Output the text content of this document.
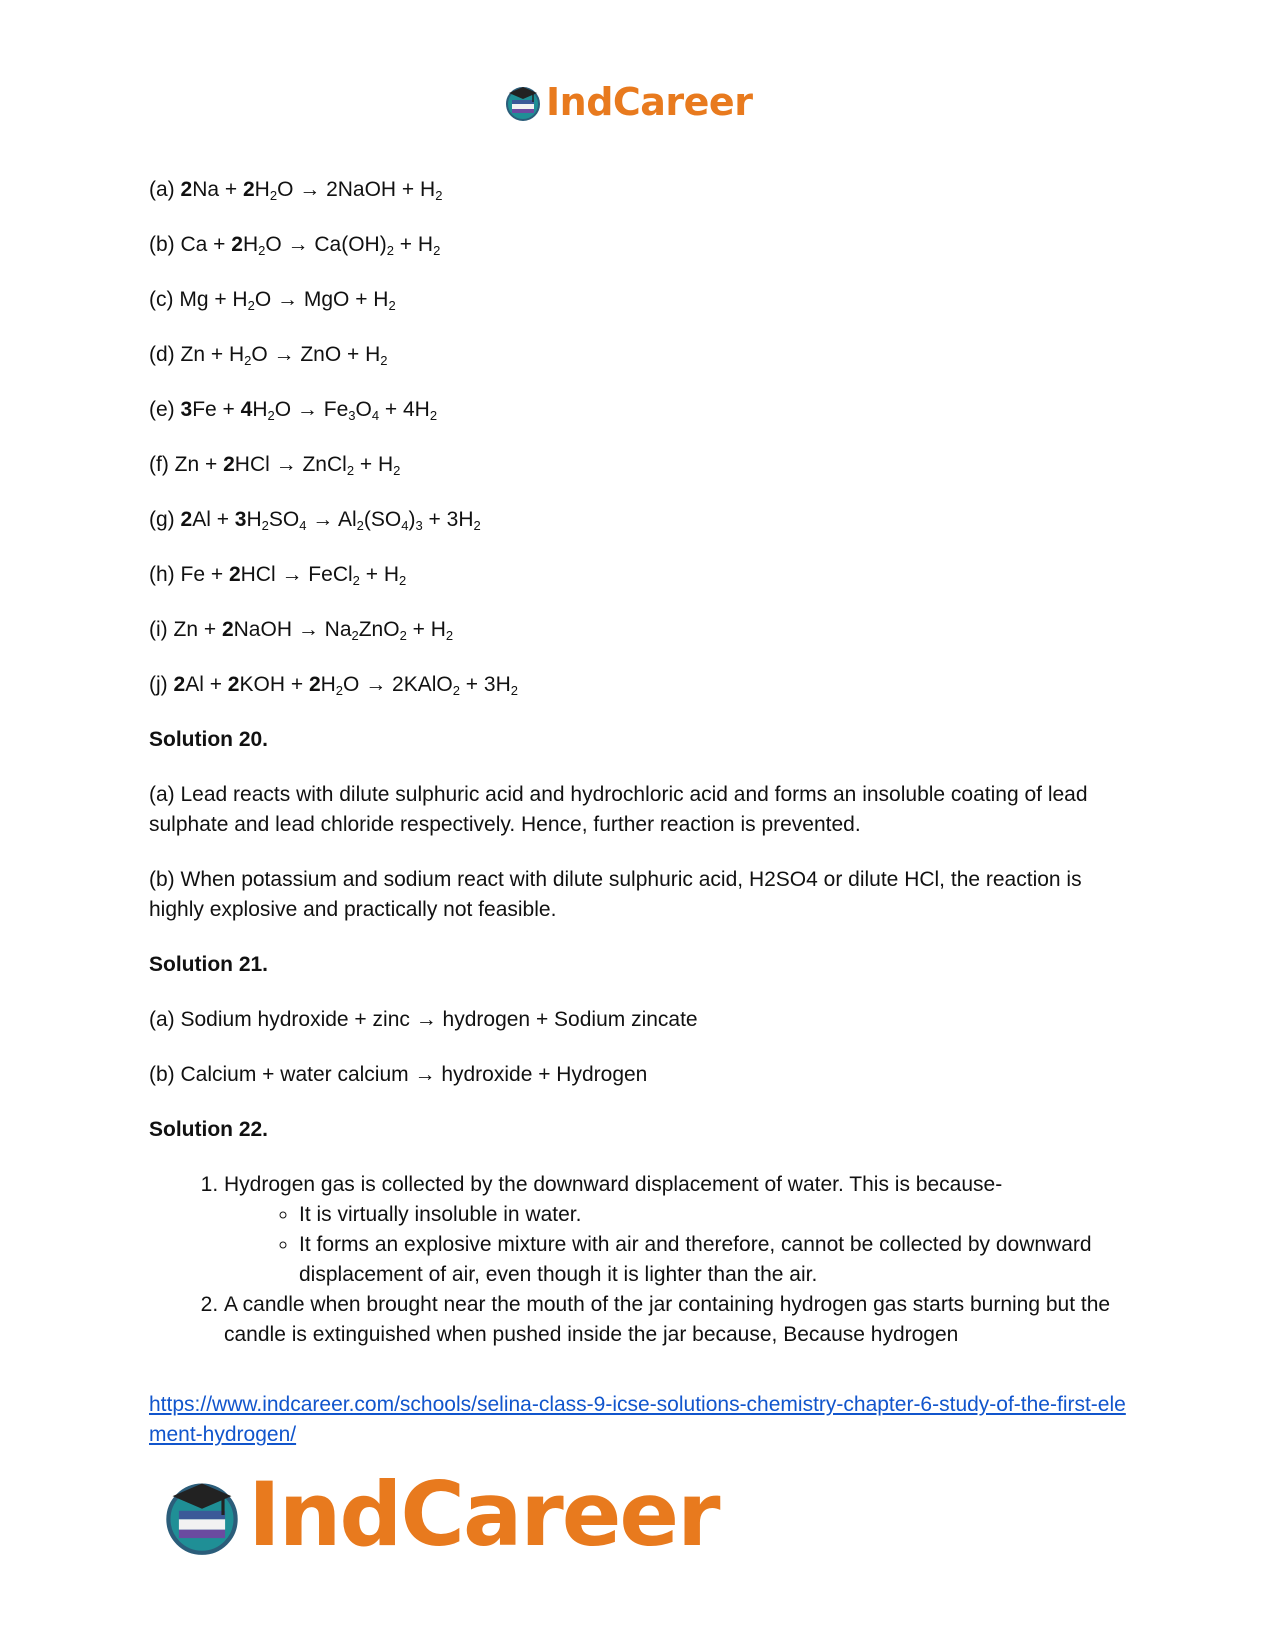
IndCareer
(a) $2Na + 2H_2O$ → 2NaOH + $H_2$
(b) $Ca + 2H_2O \to Ca(OH)_2 + H_2$
(c) $Mg + H_2O$ → MgO + $H_2$
(d) $Zn + H_2O$ → ZnO + $H_2$
(e) $3Fe + 4H_2O \to Fe_3O_4 + 4H_2$
(f) Zn + 2HCl → ZnCl$_2$ + $H_2$
(g) $2Al + 3H_2SO_4 \to Al_2(SO_4)_3 + 3H_2$
(h) Fe + 2HCl → FeCl$_2$ + $H_2$
(i) Zn + 2NaOH → $Na_2ZnO_2 + H_2$
(j) $2Al + 2KOH + 2H_2O$ → 2KAlO$_2$ + $3H_2$
Solution 20.
(a) Lead reacts with dilute sulphuric acid and hydrochloric acid and forms an insoluble coating of lead sulphate and lead chloride respectively. Hence, further reaction is prevented.
(b) When potassium and sodium react with dilute sulphuric acid, H2SO4 or dilute HCl, the reaction is highly explosive and practically not feasible.
Solution 21.
(a) Sodium hydroxide + zinc → hydrogen + Sodium zincate
(b) Calcium + water calcium → hydroxide + Hydrogen
Solution 22.
1. Hydrogen gas is collected by the downward displacement of water. This is because-
◦ It is virtually insoluble in water.
◦ It forms an explosive mixture with air and therefore, cannot be collected by downward displacement of air, even though it is lighter than the air.
2. A candle when brought near the mouth of the jar containing hydrogen gas starts burning but the candle is extinguished when pushed inside the jar because, Because hydrogen
https://www.indcareer.com/schools/selina-class-9-icse-solutions-chemistry-chapter-6-study-of-the-first-element-hydrogen/
IndCareer
